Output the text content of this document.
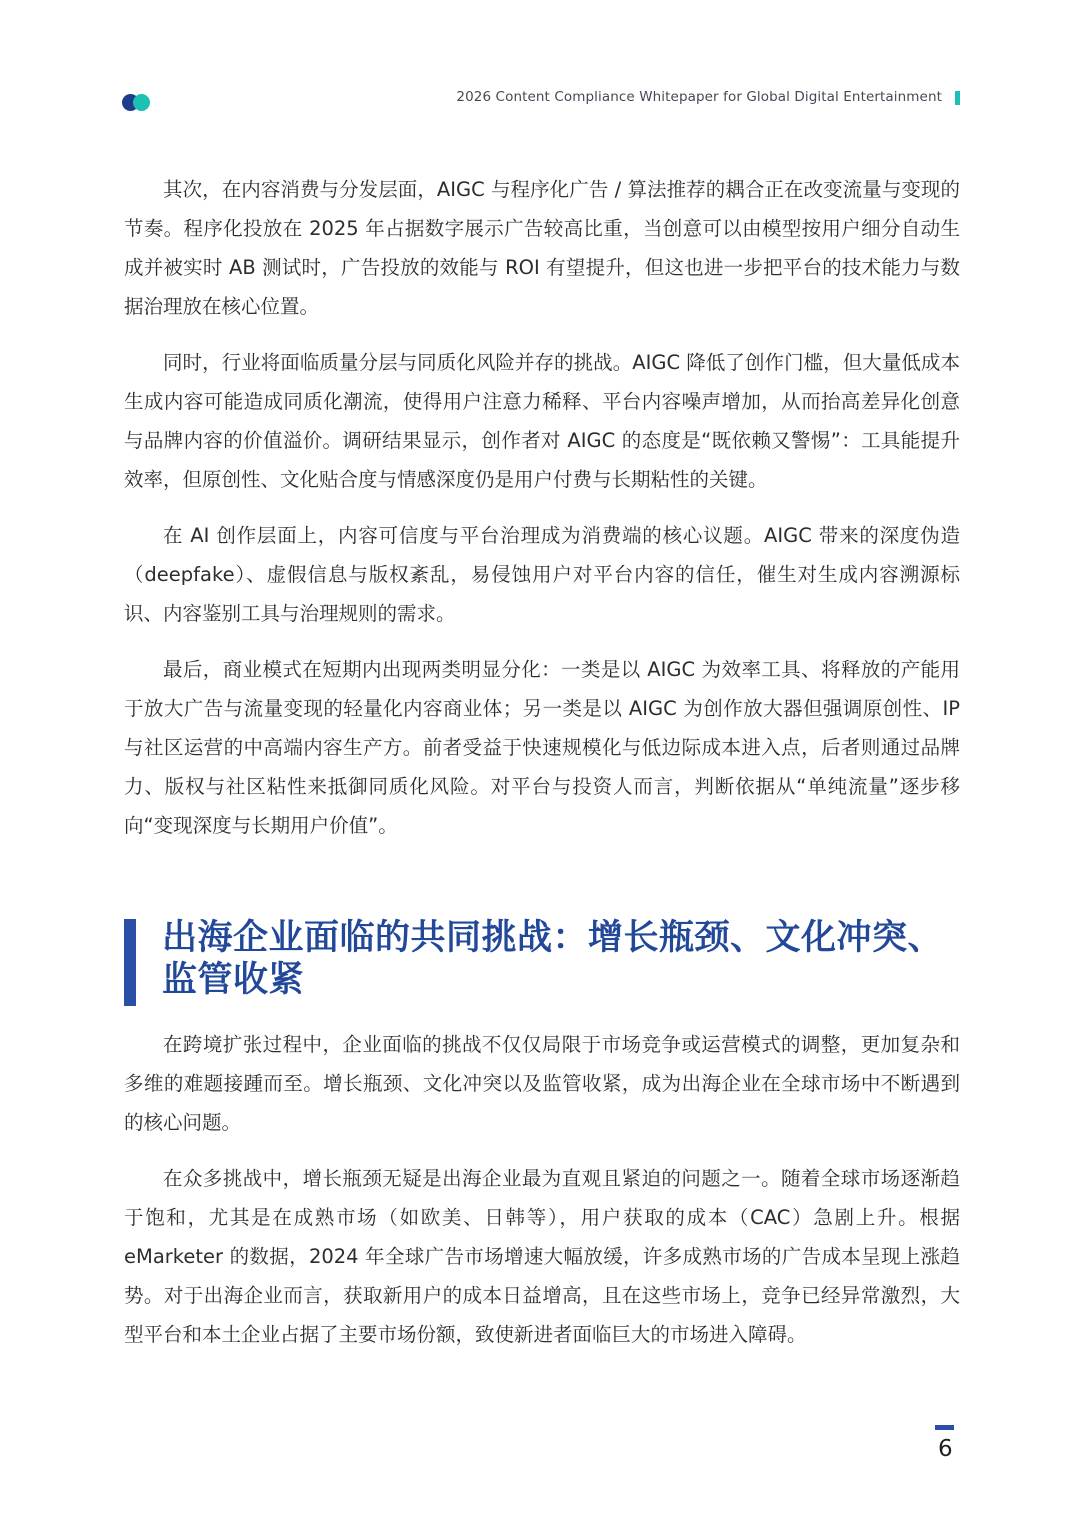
2026 Content Compliance Whitepaper for Global Digital Entertainment

其次，在内容消费与分发层面，AIGC 与程序化广告 / 算法推荐的耦合正在改变流量与变现的节奏。程序化投放在 2025 年占据数字展示广告较高比重，当创意可以由模型按用户细分自动生成并被实时 AB 测试时，广告投放的效能与 ROI 有望提升，但这也进一步把平台的技术能力与数据治理放在核心位置。

同时，行业将面临质量分层与同质化风险并存的挑战。AIGC 降低了创作门槛，但大量低成本生成内容可能造成同质化潮流，使得用户注意力稀释、平台内容噪声增加，从而抬高差异化创意与品牌内容的价值溢价。调研结果显示，创作者对 AIGC 的态度是“既依赖又警惕”：工具能提升效率，但原创性、文化贴合度与情感深度仍是用户付费与长期粘性的关键。

在 AI 创作层面上，内容可信度与平台治理成为消费端的核心议题。AIGC 带来的深度伪造（deepfake）、虚假信息与版权紊乱，易侵蚀用户对平台内容的信任，催生对生成内容溯源标识、内容鉴别工具与治理规则的需求。

最后，商业模式在短期内出现两类明显分化：一类是以 AIGC 为效率工具、将释放的产能用于放大广告与流量变现的轻量化内容商业体；另一类是以 AIGC 为创作放大器但强调原创性、IP 与社区运营的中高端内容生产方。前者受益于快速规模化与低边际成本进入点，后者则通过品牌力、版权与社区粘性来抵御同质化风险。对平台与投资人而言，判断依据从“单纯流量”逐步移向“变现深度与长期用户价值”。

出海企业面临的共同挑战：增长瓶颈、文化冲突、监管收紧

在跨境扩张过程中，企业面临的挑战不仅仅局限于市场竞争或运营模式的调整，更加复杂和多维的难题接踵而至。增长瓶颈、文化冲突以及监管收紧，成为出海企业在全球市场中不断遇到的核心问题。

在众多挑战中，增长瓶颈无疑是出海企业最为直观且紧迫的问题之一。随着全球市场逐渐趋于饱和，尤其是在成熟市场（如欧美、日韩等），用户获取的成本（CAC）急剧上升。根据 eMarketer 的数据，2024 年全球广告市场增速大幅放缓，许多成熟市场的广告成本呈现上涨趋势。对于出海企业而言，获取新用户的成本日益增高，且在这些市场上，竞争已经异常激烈，大型平台和本土企业占据了主要市场份额，致使新进者面临巨大的市场进入障碍。

6
